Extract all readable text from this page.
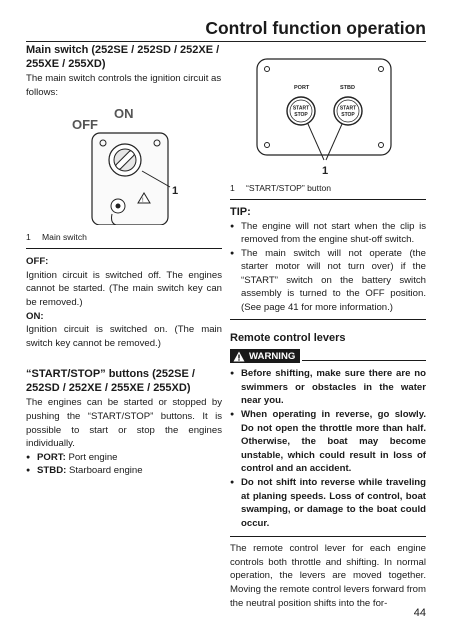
Control function operation
Main switch (252SE / 252SD / 252XE / 255XE / 255XD)
The main switch controls the ignition circuit as follows:
OFF
ON
!
1
1 Main switch
OFF:
Ignition circuit is switched off. The engines cannot be started. (The main switch key can be removed.)
ON:
Ignition circuit is switched on. (The main switch key cannot be removed.)
“START/STOP” buttons (252SE / 252SD / 252XE / 255XE / 255XD)
The engines can be started or stopped by pushing the “START/STOP” buttons. It is possible to start or stop the engines individually.
● PORT: Port engine
● STBD: Starboard engine
PORT	STBD
START
STOP
START
STOP
1
1 “START/STOP” button
TIP:
● The engine will not start when the clip is removed from the engine shut-off switch.
● The main switch will not operate (the starter motor will not turn over) if the “START” switch on the battery switch assembly is turned to the OFF position. (See page 41 for more information.)
Remote control levers
WARNING
● Before shifting, make sure there are no swimmers or obstacles in the water near you.
● When operating in reverse, go slowly. Do not open the throttle more than half. Otherwise, the boat may become unstable, which could result in loss of control and an accident.
● Do not shift into reverse while traveling at planing speeds. Loss of control, boat swamping, or damage to the boat could occur.
The remote control lever for each engine controls both throttle and shifting. In normal operation, the levers are moved together. Moving the remote control levers forward from the neutral position shifts into the for-
44
